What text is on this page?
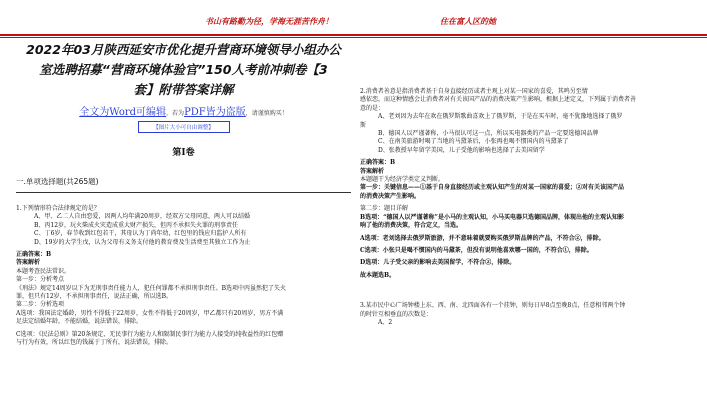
书山有路勤为径，学海无涯苦作舟！	住在富人区的她
2022年03月陕西延安市优化提升营商环境领导小组办公
室选聘招募“营商环境体验官”150人考前冲刺卷【3
套】附带答案详解
全文为Word可编辑，若为PDF皆为盗版，请谨慎购买！
【图片大小可自由调整】
第I卷
一.单项选择题(共265题)
1.下列情形符合法律规定的是？
A、甲、乙二人自由恋爱，因两人均年满20周岁，经双方父母同意，两人可以结婚
B、丙12岁，玩火柴成火灾造成重大财产损失，但丙不承担失火罪的刑事责任
C、丁6岁，春节收到红包若干，其母认为丁尚年幼，红包里的钱应归监护人所有
D、19岁的大学生戊，认为父母有义务支付他的教育费及生活费至其独立工作为止
正确答案：B
答案解析
本题考查民法常识。
第一步：分析考点
《刑法》规定14周岁以下为无刑事责任能力人，犯任何罪都不承担刑事责任。B选项中丙虽然犯了失火
罪，但只有12岁，不承担刑事责任，说法正确，所以选B。
第二步：分析选项
A选项：我国法定婚龄，男性不得低于22周岁，女性不得低于20周岁，甲乙都只有20周岁，男方不满
足法定结婚年龄，不能结婚，说法错误，排除。
C选项：《民法总则》第20条规定，无民事行为能力人和限制民事行为能力人接受的纯收益性的红包赠
与行为有效，所以红包的钱属于丁所有，说法错误，排除。
2.消费者善意是指消费者基于自身直接经历或者主观上对某一国家的喜爱，其鸣另至情
感依恋，而这种情感会让消费者对有关该国产品的消费决策产生影响，根据上述定义，下列属于消费者善
意的是：
A、老刘因为去年在欢在俄罗斯歌曲喜欢上了俄罗斯，于是在买车时，毫不犹豫地选择了俄罗
斯
B、德国人以严谨著称，小马很认可这一点，所以买电器类的产品一定要选德国品牌
C、在南美旅游时喝了当地的马黛茶后，小张再也喝不惯国内的马黛茶了
D、张教授早年留学美国，儿子受他的影响也选择了去美国留学
正确答案：B
答案解析
本题题干为经济学类定义判断。
第一步：关键信息——①基于自身直接经历或主观认知产生的对某一国家的喜爱；②对有关该国产品
的消费决策产生影响。
第二步：题目详解
B选项：“德国人以严谨著称”是小马的主观认知，小马买电器只选德国品牌，体现出他的主观认知影
响了他的消费决策，符合定义，当选。
A选项：老刘选择去俄罗斯旅游，并不意味着就要购买俄罗斯品牌的产品，不符合②，排除。
C选项：小张只是喝不惯国内的马黛茶，但没有说明他喜欢哪一国的，不符合①，排除。
D选项：儿子受父亲的影响去美国留学，不符合②，排除。
故本题选B。
3.某市民中心广场钟楼上东、西、南、北四面各有一个挂钟，则每日早8点至晚8点，任意相邻两个钟
的时针互相垂直的次数是：
A、2
